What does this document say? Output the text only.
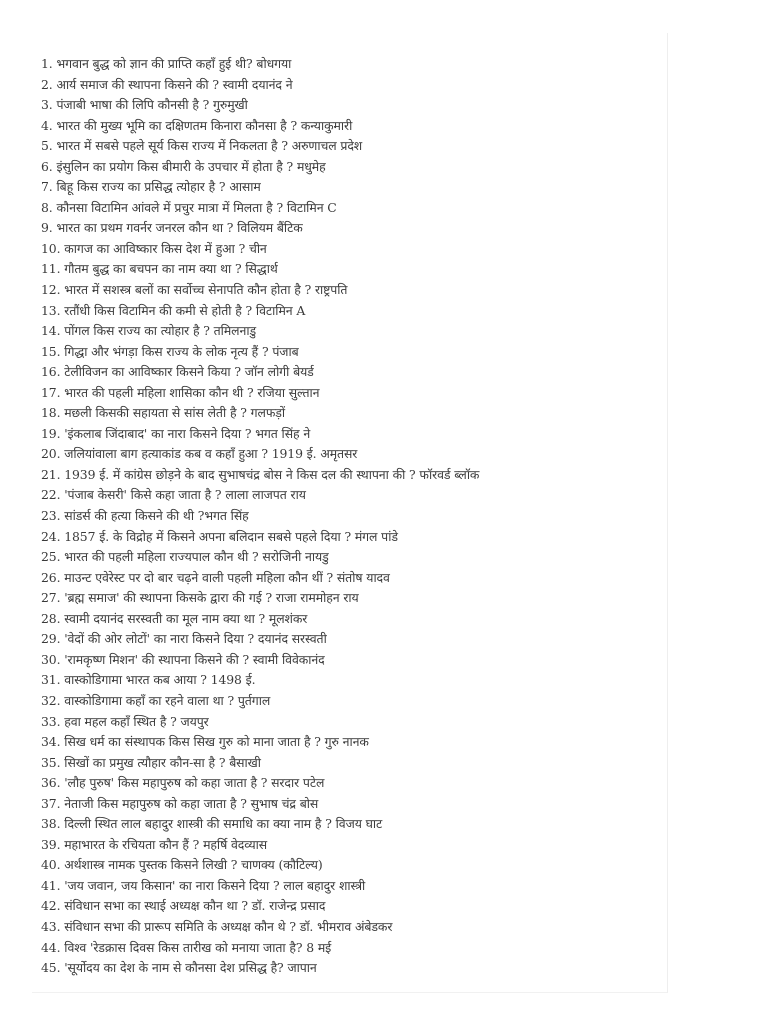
1. भगवान बुद्ध को ज्ञान की प्राप्ति कहाँ हुई थी? बोधगया
2. आर्य समाज की स्थापना किसने की ? स्वामी दयानंद ने
3. पंजाबी भाषा की लिपि कौनसी है ? गुरुमुखी
4. भारत की मुख्य भूमि का दक्षिणतम किनारा कौनसा है ? कन्याकुमारी
5. भारत में सबसे पहले सूर्य किस राज्य में निकलता है ? अरुणाचल प्रदेश
6. इंसुलिन का प्रयोग किस बीमारी के उपचार में होता है ? मधुमेह
7. बिहू किस राज्य का प्रसिद्ध त्योहार है ? आसाम
8. कौनसा विटामिन आंवले में प्रचुर मात्रा में मिलता है ? विटामिन C
9. भारत का प्रथम गवर्नर जनरल कौन था ? विलियम बैंटिक
10. कागज का आविष्कार किस देश में हुआ ? चीन
11. गौतम बुद्ध का बचपन का नाम क्या था ? सिद्धार्थ
12. भारत में सशस्त्र बलों का सर्वोच्च सेनापति कौन होता है ? राष्ट्रपति
13. रतौंधी किस विटामिन की कमी से होती है ? विटामिन A
14. पोंगल किस राज्य का त्योहार है ? तमिलनाडु
15. गिद्धा और भंगड़ा किस राज्य के लोक नृत्य हैं ? पंजाब
16. टेलीविजन का आविष्कार किसने किया ? जॉन लोगी बेयर्ड
17. भारत की पहली महिला शासिका कौन थी ? रजिया सुल्तान
18. मछली किसकी सहायता से सांस लेती है ? गलफड़ों
19. 'इंकलाब जिंदाबाद' का नारा किसने दिया ? भगत सिंह ने
20. जलियांवाला बाग हत्याकांड कब व कहाँ हुआ ? 1919 ई. अमृतसर
21. 1939 ई. में कांग्रेस छोड़ने के बाद सुभाषचंद्र बोस ने किस दल की स्थापना की ? फॉरवर्ड ब्लॉक
22. 'पंजाब केसरी' किसे कहा जाता है ? लाला लाजपत राय
23. सांडर्स की हत्या किसने की थी ?भगत सिंह
24. 1857 ई. के विद्रोह में किसने अपना बलिदान सबसे पहले दिया ? मंगल पांडे
25. भारत की पहली महिला राज्यपाल कौन थी ? सरोजिनी नायडु
26. माउन्ट एवेरेस्ट पर दो बार चढ़ने वाली पहली महिला कौन थीं ? संतोष यादव
27. 'ब्रह्म समाज' की स्थापना किसके द्वारा की गई ? राजा राममोहन राय
28. स्वामी दयानंद सरस्वती का मूल नाम क्या था ? मूलशंकर
29. 'वेदों की ओर लोटों' का नारा किसने दिया ? दयानंद सरस्वती
30. 'रामकृष्ण मिशन' की स्थापना किसने की ? स्वामी विवेकानंद
31. वास्कोडिगामा भारत कब आया ? 1498 ई.
32. वास्कोडिगामा कहाँ का रहने वाला था ? पुर्तगाल
33. हवा महल कहाँ स्थित है ? जयपुर
34. सिख धर्म का संस्थापक किस सिख गुरु को माना जाता है ? गुरु नानक
35. सिखों का प्रमुख त्यौहार कौन-सा है ? बैसाखी
36. 'लौह पुरुष' किस महापुरुष को कहा जाता है ? सरदार पटेल
37. नेताजी किस महापुरुष को कहा जाता है ? सुभाष चंद्र बोस
38. दिल्ली स्थित लाल बहादुर शास्त्री की समाधि का क्या नाम है ? विजय घाट
39. महाभारत के रचियता कौन हैं ? महर्षि वेदव्यास
40. अर्थशास्त्र नामक पुस्तक किसने लिखी ? चाणक्य (कौटिल्य)
41. 'जय जवान, जय किसान' का नारा किसने दिया ? लाल बहादुर शास्त्री
42. संविधान सभा का स्थाई अध्यक्ष कौन था ? डॉ. राजेन्द्र प्रसाद
43. संविधान सभा की प्रारूप समिति के अध्यक्ष कौन थे ? डॉ. भीमराव अंबेडकर
44. विश्व 'रेडक्रास दिवस किस तारीख को मनाया जाता है? 8 मई
45. 'सूर्योदय का देश के नाम से कौनसा देश प्रसिद्ध है? जापान
